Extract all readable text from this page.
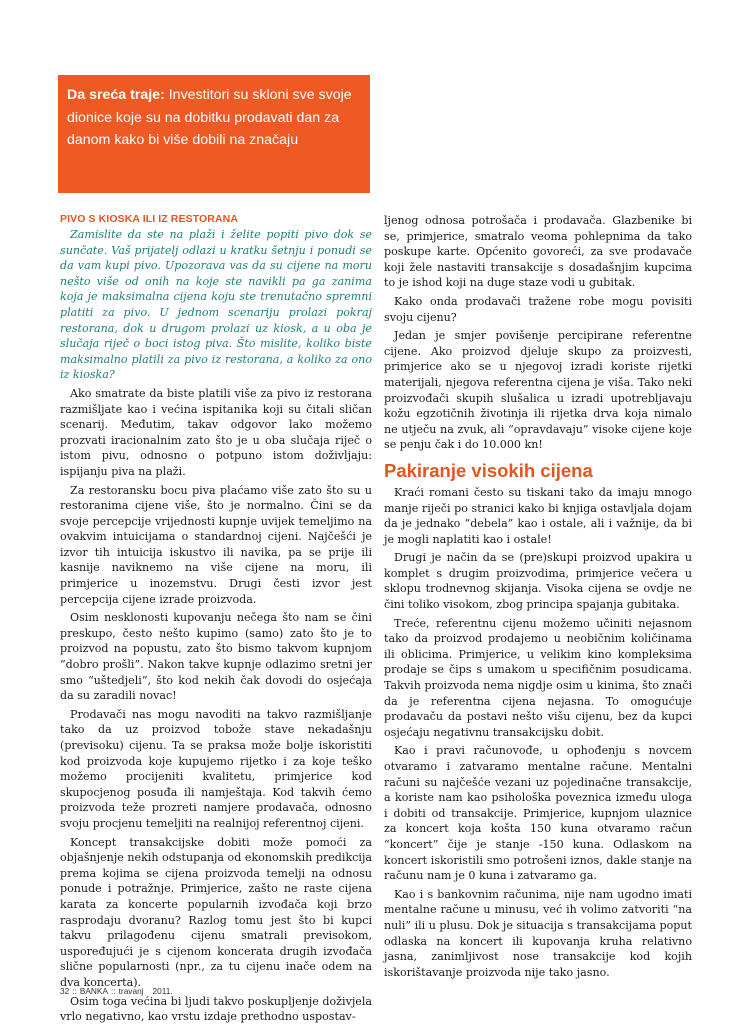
Da sreća traje: Investitori su skloni sve svoje dionice koje su na dobitku prodavati dan za danom kako bi više dobili na značaju
PIVO S KIOSKA ILI IZ RESTORANA

Zamislite da ste na plaži i želite popiti pivo dok se sunčate. Vaš prijatelj odlazi u kratku šetnju i ponudi se da vam kupi pivo. Upozorava vas da su cijene na moru nešto više od onih na koje ste navikli pa ga zanima koja je maksimalna cijena koju ste trenutačno spremni platiti za pivo. U jednom scenariju prolazi pokraj restorana, dok u drugom prolazi uz kiosk, a u oba je slučaja riječ o boci istog piva. Što mislite, koliko biste maksimalno platili za pivo iz restorana, a koliko za ono iz kioska?

Ako smatrate da biste platili više za pivo iz restorana razmišljate kao i većina ispitanika koji su čitali sličan scenarij. Međutim, takav odgovor lako možemo prozvati iracionalnim zato što je u oba slučaja riječ o istom pivu, odnosno o potpuno istom doživljaju: ispijanju piva na plaži.

Za restoransku bocu piva plaćamo više zato što su u restoranima cijene više, što je normalno. Čini se da svoje percepcije vrijednosti kupnje uvijek temeljimo na ovakvim intuicijama o standardnoj cijeni. Najčešći je izvor tih intuicija iskustvo ili navika, pa se prije ili kasnije naviknemo na više cijene na moru, ili primjerice u inozemstvu. Drugi česti izvor jest percepcija cijene izrade proizvoda.

Osim nesklonosti kupovanju nečega što nam se čini preskupo, često nešto kupimo (samo) zato što je to proizvod na popustu, zato što bismo takvom kupnjom “dobro prošli”. Nakon takve kupnje odlazimo sretni jer smo “uštedjeli”, što kod nekih čak dovodi do osjećaja da su zaradili novac!

Prodavači nas mogu navoditi na takvo razmišljanje tako da uz proizvod tobože stave nekadašnju (previsoku) cijenu. Ta se praksa može bolje iskoristiti kod proizvoda koje kupujemo rijetko i za koje teško možemo procijeniti kvalitetu, primjerice kod skupocjenog posuđa ili namještaja. Kod takvih ćemo proizvoda teže prozreti namjere prodavača, odnosno svoju procjenu temeljiti na realnijoj referentnoj cijeni.

Koncept transakcijske dobiti može pomoći za objašnjenje nekih odstupanja od ekonomskih predikcija prema kojima se cijena proizvoda temelji na odnosu ponude i potražnje. Primjerice, zašto ne raste cijena karata za koncerte popularnih izvođača koji brzo rasprodaju dvoranu? Razlog tomu jest što bi kupci takvu prilagođenu cijenu smatrali previsokom, uspoređujući je s cijenom koncerata drugih izvođača slične popularnosti (npr., za tu cijenu inače odem na dva koncerta).

Osim toga većina bi ljudi takvo poskupljenje doživjela vrlo negativno, kao vrstu izdaje prethodno uspostav-

ljenog odnosa potrošača i prodavača. Glazbenike bi se, primjerice, smatralo veoma pohlepnima da tako poskupe karte. Općenito govoreći, za sve prodavače koji žele nastaviti transakcije s dosadašnjim kupcima to je ishod koji na duge staze vodi u gubitak.

Kako onda prodavači tražene robe mogu povisiti svoju cijenu?

Jedan je smjer povišenje percipirane referentne cijene. Ako proizvod djeluje skupo za proizvesti, primjerice ako se u njegovoj izradi koriste rijetki materijali, njegova referentna cijena je viša. Tako neki proizvođači skupih slušalica u izradi upotrebljavaju kožu egzotičnih životinja ili rijetka drva koja nimalo ne utječu na zvuk, ali “opravdavaju” visoke cijene koje se penju čak i do 10.000 kn!

Pakiranje visokih cijena

Kraći romani često su tiskani tako da imaju mnogo manje riječi po stranici kako bi knjiga ostavljala dojam da je jednako “debela” kao i ostale, ali i važnije, da bi je mogli naplatiti kao i ostale!

Drugi je način da se (pre)skupi proizvod upakira u komplet s drugim proizvodima, primjerice večera u sklopu trodnevnog skijanja. Visoka cijena se ovdje ne čini toliko visokom, zbog principa spajanja gubitaka.

Treće, referentnu cijenu možemo učiniti nejasnom tako da proizvod prodajemo u neobičnim količinama ili oblicima. Primjerice, u velikim kino kompleksima prodaje se čips s umakom u specifičnim posudicama. Takvih proizvoda nema nigdje osim u kinima, što znači da je referentna cijena nejasna. To omogućuje prodavaču da postavi nešto višu cijenu, bez da kupci osjećaju negativnu transakcijsku dobit.

Kao i pravi računovođe, u ophođenju s novcem otvaramo i zatvaramo mentalne račune. Mentalni računi su najčešće vezani uz pojedinačne transakcije, a koriste nam kao psihološka poveznica između uloga i dobiti od transakcije. Primjerice, kupnjom ulaznice za koncert koja košta 150 kuna otvaramo račun “koncert” čije je stanje -150 kuna. Odlaskom na koncert iskoristili smo potrošeni iznos, dakle stanje na računu nam je 0 kuna i zatvaramo ga.

Kao i s bankovnim računima, nije nam ugodno imati mentalne račune u minusu, već ih volimo zatvoriti “na nuli” ili u plusu. Dok je situacija s transakcijama poput odlaska na koncert ili kupovanja kruha relativno jasna, zanimljivost nose transakcije kod kojih iskorištavanje proizvoda nije tako jasno.

32 :: BANKA :: travanj 2011.
